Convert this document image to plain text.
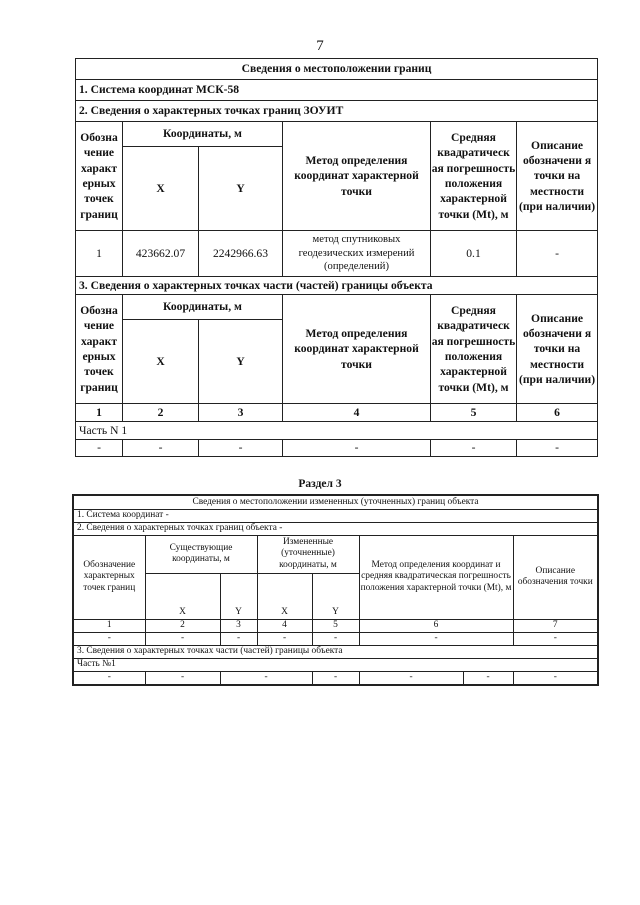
7
Сведения о местоположении границ					
1. Система координат МСК-58					
2. Сведения о характерных точках границ ЗОУИТ					
Обозна чение характ ерных точек границ	Координаты, м		Метод определения координат характерной точки	Средняя квадратическ ая погрешность положения характерной точки (Mt), м	Описание обозначени я точки на местности (при наличии)
	X	Y			
1	423662.07	2242966.63	метод спутниковых геодезических измерений (определений)	0.1	-
3. Сведения о характерных точках части (частей) границы объекта					
Обозна чение характ ерных точек границ	Координаты, м		Метод определения координат характерной точки	Средняя квадратическ ая погрешность положения характерной точки (Mt), м	Описание обозначени я точки на местности (при наличии)
	X	Y			
1	2	3	4	5	6
Часть N 1					
-	-	-	-	-	-
Раздел 3
Сведения о местоположении измененных (уточненных) границ объекта							
1. Система координат -							
2. Сведения о характерных точках границ объекта -							
Обозначение характерных точек границ	Существующие координаты, м		Измененные (уточненные) координаты, м		Метод определения координат и средняя квадратическая погрешность положения характерной точки (Mt), м		Описание обозначения точки
	X	Y	X	Y			
1	2	3	4	5	6		7
-	-	-	-	-	-		-
3. Сведения о характерных точках части (частей) границы объекта							
Часть №1							
-	-	-		-	-	-	-
